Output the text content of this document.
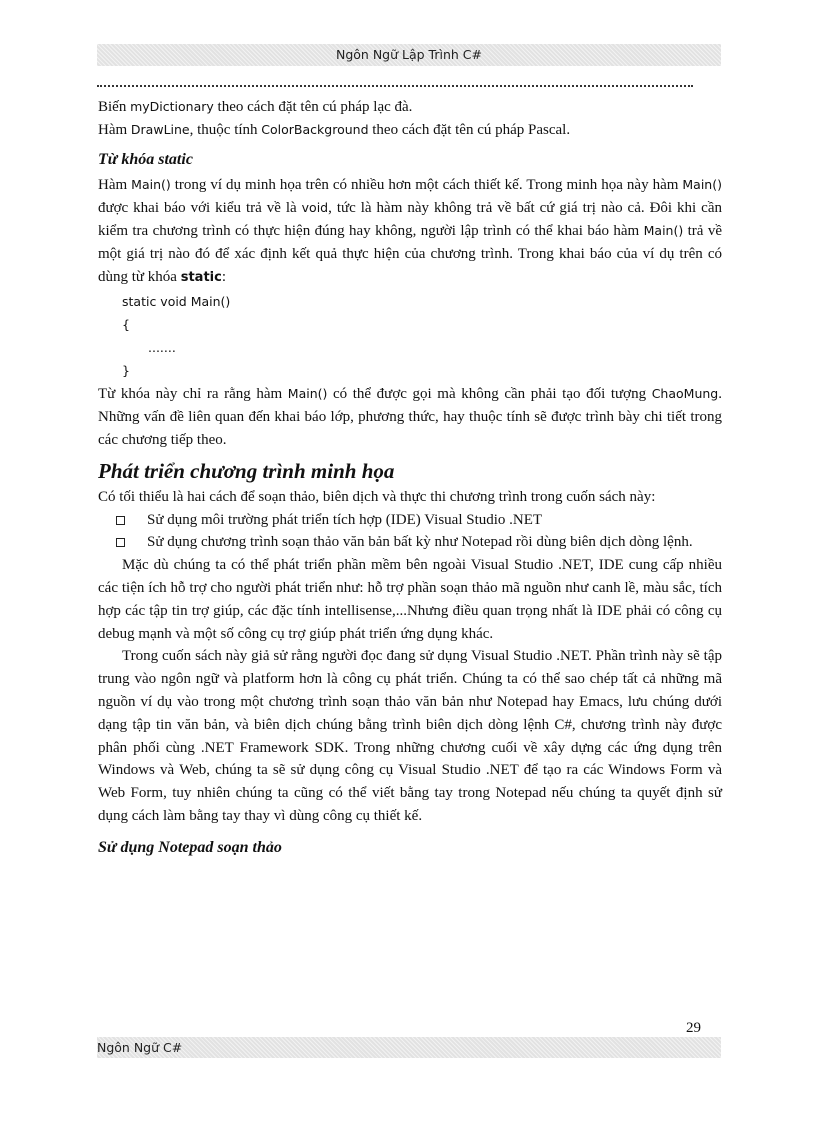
Ngôn Ngữ Lập Trình C#

Biến myDictionary theo cách đặt tên cú pháp lạc đà.

Hàm DrawLine, thuộc tính ColorBackground theo cách đặt tên cú pháp Pascal.

Từ khóa static

Hàm Main() trong ví dụ minh họa trên có nhiều hơn một cách thiết kế. Trong minh họa này hàm Main() được khai báo với kiểu trả về là void, tức là hàm này không trả về bất cứ giá trị nào cả. Đôi khi cần kiểm tra chương trình có thực hiện đúng hay không, người lập trình có thể khai báo hàm Main() trả về một giá trị nào đó để xác định kết quả thực hiện của chương trình. Trong khai báo của ví dụ trên có dùng từ khóa static:

static void Main()
{
.......
}

Từ khóa này chỉ ra rằng hàm Main() có thể được gọi mà không cần phải tạo đối tượng ChaoMung. Những vấn đề liên quan đến khai báo lớp, phương thức, hay thuộc tính sẽ được trình bày chi tiết trong các chương tiếp theo.

Phát triển chương trình minh họa

Có tối thiểu là hai cách để soạn thảo, biên dịch và thực thi chương trình trong cuốn sách này:

Sử dụng môi trường phát triển tích hợp (IDE) Visual Studio .NET
Sử dụng chương trình soạn thảo văn bản bất kỳ như Notepad rồi dùng biên dịch dòng lệnh.

Mặc dù chúng ta có thể phát triển phần mềm bên ngoài Visual Studio .NET, IDE cung cấp nhiều các tiện ích hỗ trợ cho người phát triển như: hỗ trợ phần soạn thảo mã nguồn như canh lề, màu sắc, tích hợp các tập tin trợ giúp, các đặc tính intellisense,...Nhưng điều quan trọng nhất là IDE phải có công cụ debug mạnh và một số công cụ trợ giúp phát triển ứng dụng khác.

Trong cuốn sách này giả sử rằng người đọc đang sử dụng Visual Studio .NET. Phần trình này sẽ tập trung vào ngôn ngữ và platform hơn là công cụ phát triển. Chúng ta có thể sao chép tất cả những mã nguồn ví dụ vào trong một chương trình soạn thảo văn bản như Notepad hay Emacs, lưu chúng dưới dạng tập tin văn bản, và biên dịch chúng bằng trình biên dịch dòng lệnh C#, chương trình này được phân phối cùng .NET Framework SDK. Trong những chương cuối về xây dựng các ứng dụng trên Windows và Web, chúng ta sẽ sử dụng công cụ Visual Studio .NET để tạo ra các Windows Form và Web Form, tuy nhiên chúng ta cũng có thể viết bằng tay trong Notepad nếu chúng ta quyết định sử dụng cách làm bằng tay thay vì dùng công cụ thiết kế.

Sử dụng Notepad soạn thảo
29
Ngôn Ngữ C#
